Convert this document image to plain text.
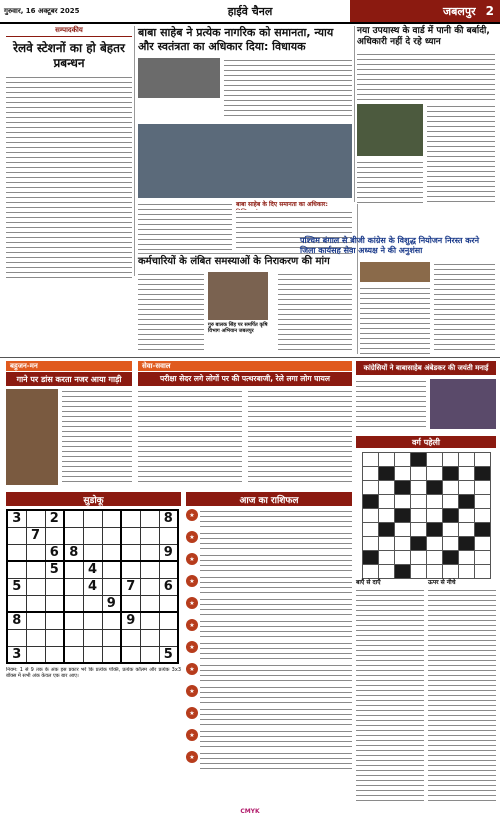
गुरुवार, 16 अक्टूबर 2025	हाईवे चैनल	जबलपुर 2
सम्पादकीय
रेलवे स्टेशनों का हो बेहतर प्रबन्धन
बाबा साहेब ने प्रत्येक नागरिक को समानता, न्याय और स्वतंत्रता का अधिकार दिया: विधायक
बाबा साहेब के दिए समानता का अधिकार:
नया उपयास्थ के वार्ड में पानी की बर्बादी, अधिकारी नहीं दे रहे ध्यान
कर्मचारियों के लंबित समस्याओं के निराकरण की मांग
गुरु बालक सिंह पर समर्पित कृषि विभाग अभियान जबलपुर
पश्चिम बंगाल से बीजी कांग्रेस के विशुद्ध नियोजन निरस्त करने जिला कार्यसह सेवा अध्यक्ष ने की अनुशंसा
बहुजन-मन
गाने पर डांस करता नजर आया गाड़ी
सेवा-सवाल
परीक्षा सेदर लगे लोगों पर की पत्थरबाजी, रेले लगा लोग घायल
कांग्रेसियों ने बाबासाहेब अंबेडकर की जयंती मनाई
वर्ग पहेली

सुडोकू
3		2						8
	7							
		6	8					9
		5		4				
5				4		7		6
					9			
8						9		

3								5
नियम: 1 से 9 तक के अंक इस प्रकार भरें कि प्रत्येक पंक्ति, प्रत्येक कॉलम और प्रत्येक 3x3 बॉक्स में सभी अंक केवल एक बार आए।
आज का राशिफल
★
★
★
★
★
★
★
★
★
★
★
★
बाएँ से दाएँ	ऊपर से नीचे
CMYK
